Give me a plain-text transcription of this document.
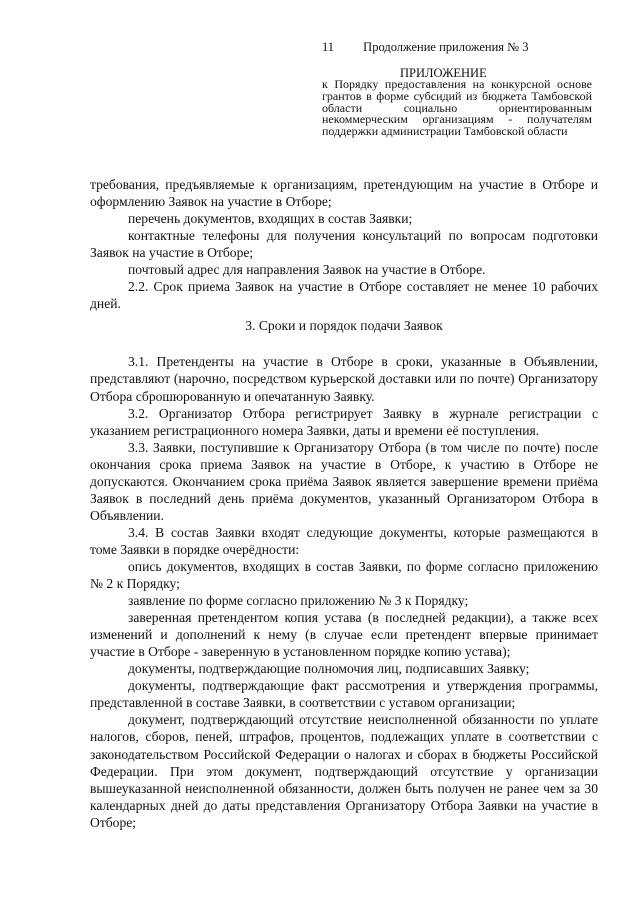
11 Продолжение приложения № 3
ПРИЛОЖЕНИЕ
к Порядку предоставления на конкурсной основе грантов в форме субсидий из бюджета Тамбовской области социально ориентированным некоммерческим организациям - получателям поддержки администрации Тамбовской области

требования, предъявляемые к организациям, претендующим на участие в Отборе и оформлению Заявок на участие в Отборе;

перечень документов, входящих в состав Заявки;

контактные телефоны для получения консультаций по вопросам подготовки Заявок на участие в Отборе;

почтовый адрес для направления Заявок на участие в Отборе.

2.2. Срок приема Заявок на участие в Отборе составляет не менее 10 рабочих дней.

3. Сроки и порядок подачи Заявок

3.1. Претенденты на участие в Отборе в сроки, указанные в Объявлении, представляют (нарочно, посредством курьерской доставки или по почте) Организатору Отбора сброшюрованную и опечатанную Заявку.

3.2. Организатор Отбора регистрирует Заявку в журнале регистрации с указанием регистрационного номера Заявки, даты и времени её поступления.

3.3. Заявки, поступившие к Организатору Отбора (в том числе по почте) после окончания срока приема Заявок на участие в Отборе, к участию в Отборе не допускаются. Окончанием срока приёма Заявок является завершение времени приёма Заявок в последний день приёма документов, указанный Организатором Отбора в Объявлении.

3.4. В состав Заявки входят следующие документы, которые размещаются в томе Заявки в порядке очерёдности:

опись документов, входящих в состав Заявки, по форме согласно приложению № 2 к Порядку;

заявление по форме согласно приложению № 3 к Порядку;

заверенная претендентом копия устава (в последней редакции), а также всех изменений и дополнений к нему (в случае если претендент впервые принимает участие в Отборе - заверенную в установленном порядке копию устава);

документы, подтверждающие полномочия лиц, подписавших Заявку;

документы, подтверждающие факт рассмотрения и утверждения программы, представленной в составе Заявки, в соответствии с уставом организации;

документ, подтверждающий отсутствие неисполненной обязанности по уплате налогов, сборов, пеней, штрафов, процентов, подлежащих уплате в соответствии с законодательством Российской Федерации о налогах и сборах в бюджеты Российской Федерации. При этом документ, подтверждающий отсутствие у организации вышеуказанной неисполненной обязанности, должен быть получен не ранее чем за 30 календарных дней до даты представления Организатору Отбора Заявки на участие в Отборе;
